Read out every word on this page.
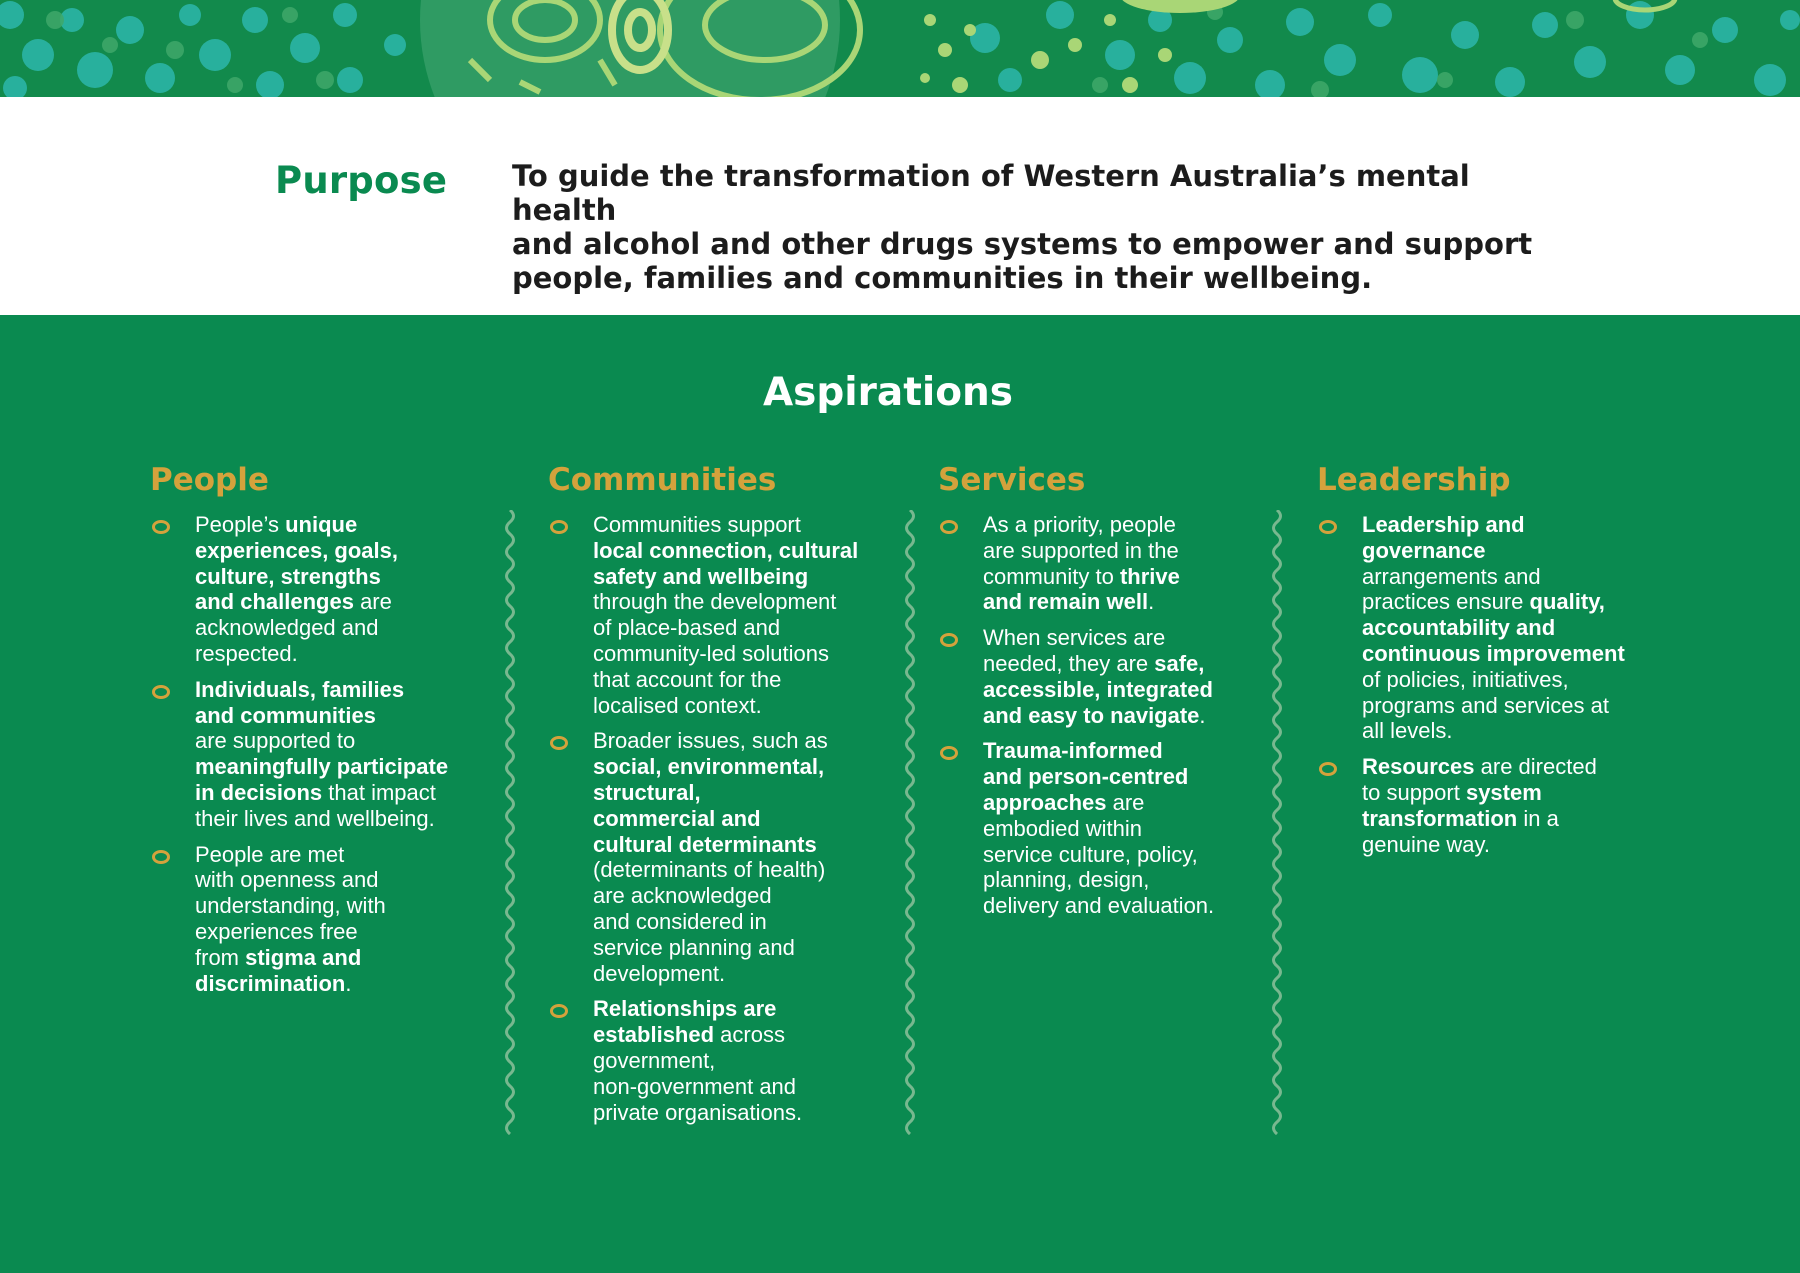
Purpose To guide the transformation of Western Australia’s mental health
and alcohol and other drugs systems to empower and support
people, families and communities in their wellbeing.
Aspirations
People
People’s unique
experiences, goals,
culture, strengths
and challenges are
acknowledged and
respected.
Individuals, families
and communities
are supported to
meaningfully participate
in decisions that impact
their lives and wellbeing.
People are met
with openness and
understanding, with
experiences free
from stigma and
discrimination.
Communities
Communities support
local connection, cultural
safety and wellbeing
through the development
of place-based and
community-led solutions
that account for the
localised context.
Broader issues, such as
social, environmental,
structural,
commercial and
cultural determinants
(determinants of health)
are acknowledged
and considered in
service planning and
development.
Relationships are
established across
government,
non-government and
private organisations.
Services
As a priority, people
are supported in the
community to thrive
and remain well.
When services are
needed, they are safe,
accessible, integrated
and easy to navigate.
Trauma-informed
and person-centred
approaches are
embodied within
service culture, policy,
planning, design,
delivery and evaluation.
Leadership
Leadership and
governance
arrangements and
practices ensure quality,
accountability and
continuous improvement
of policies, initiatives,
programs and services at
all levels.
Resources are directed
to support system
transformation in a
genuine way.
